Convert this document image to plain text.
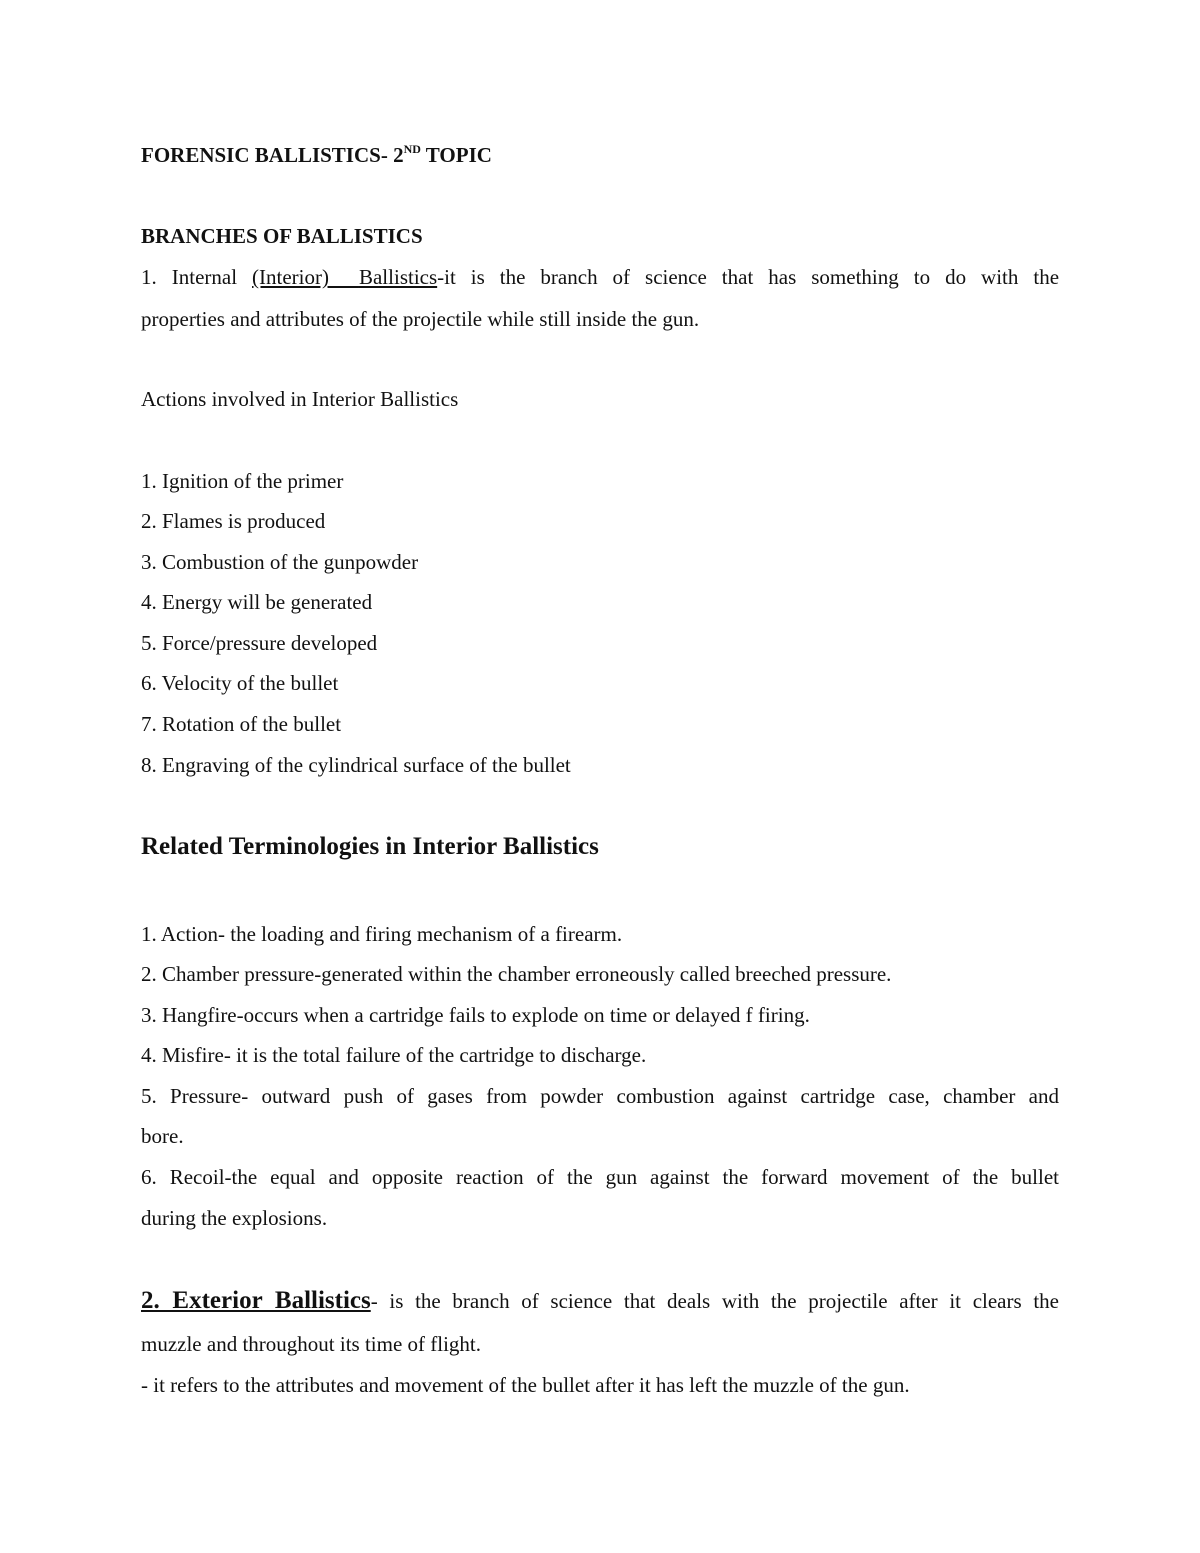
FORENSIC BALLISTICS- 2ND TOPIC
BRANCHES OF BALLISTICS
1. Internal (Interior) Ballistics-it is the branch of science that has something to do with the
properties and attributes of the projectile while still inside the gun.
Actions involved in Interior Ballistics
1. Ignition of the primer
2. Flames is produced
3. Combustion of the gunpowder
4. Energy will be generated
5. Force/pressure developed
6. Velocity of the bullet
7. Rotation of the bullet
8. Engraving of the cylindrical surface of the bullet
Related Terminologies in Interior Ballistics
1. Action- the loading and firing mechanism of a firearm.
2. Chamber pressure-generated within the chamber erroneously called breeched pressure.
3. Hangfire-occurs when a cartridge fails to explode on time or delayed f firing.
4. Misfire- it is the total failure of the cartridge to discharge.
5. Pressure- outward push of gases from powder combustion against cartridge case, chamber and
bore.
6. Recoil-the equal and opposite reaction of the gun against the forward movement of the bullet
during the explosions.
2. Exterior Ballistics- is the branch of science that deals with the projectile after it clears the
muzzle and throughout its time of flight.
- it refers to the attributes and movement of the bullet after it has left the muzzle of the gun.
